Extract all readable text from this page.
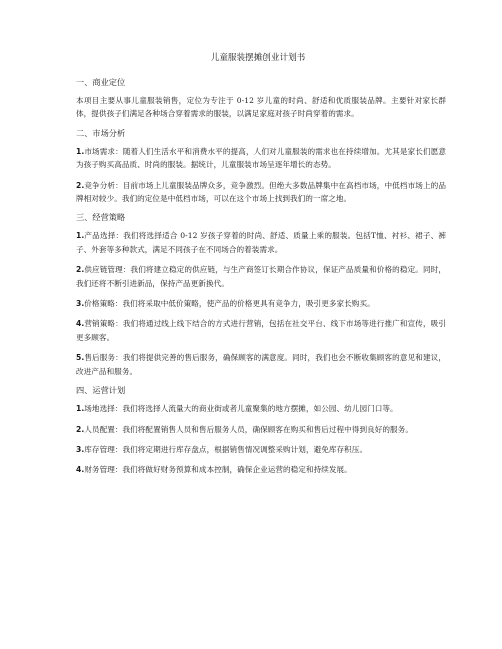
儿童服装摆摊创业计划书
一、商业定位
本项目主要从事儿童服装销售，定位为专注于 0-12 岁儿童的时尚、舒适和优质服装品牌。主要针对家长群体，提供孩子们满足各种场合穿着需求的服装，以满足家庭对孩子时尚穿着的需求。
二、市场分析
1.市场需求：随着人们生活水平和消费水平的提高，人们对儿童服装的需求也在持续增加。尤其是家长们愿意为孩子购买高品质、时尚的服装。据统计，儿童服装市场呈逐年增长的态势。
2.竞争分析：目前市场上儿童服装品牌众多，竞争激烈。但绝大多数品牌集中在高档市场，中低档市场上的品牌相对较少。我们的定位是中低档市场，可以在这个市场上找到我们的一席之地。
三、经营策略
1.产品选择：我们将选择适合 0-12 岁孩子穿着的时尚、舒适、质量上乘的服装。包括T恤、衬衫、裙子、裤子、外套等多种款式，满足不同孩子在不同场合的着装需求。
2.供应链管理：我们将建立稳定的供应链，与生产商签订长期合作协议，保证产品质量和价格的稳定。同时，我们还将不断引进新品，保持产品更新换代。
3.价格策略：我们将采取中低价策略，使产品的价格更具有竞争力，吸引更多家长购买。
4.营销策略：我们将通过线上线下结合的方式进行营销，包括在社交平台、线下市场等进行推广和宣传，吸引更多顾客。
5.售后服务：我们将提供完善的售后服务，确保顾客的满意度。同时，我们也会不断收集顾客的意见和建议，改进产品和服务。
四、运营计划
1.场地选择：我们将选择人流量大的商业街或者儿童聚集的地方摆摊，如公园、幼儿园门口等。
2.人员配置：我们将配置销售人员和售后服务人员，确保顾客在购买和售后过程中得到良好的服务。
3.库存管理：我们将定期进行库存盘点，根据销售情况调整采购计划，避免库存积压。
4.财务管理：我们将做好财务预算和成本控制，确保企业运营的稳定和持续发展。
